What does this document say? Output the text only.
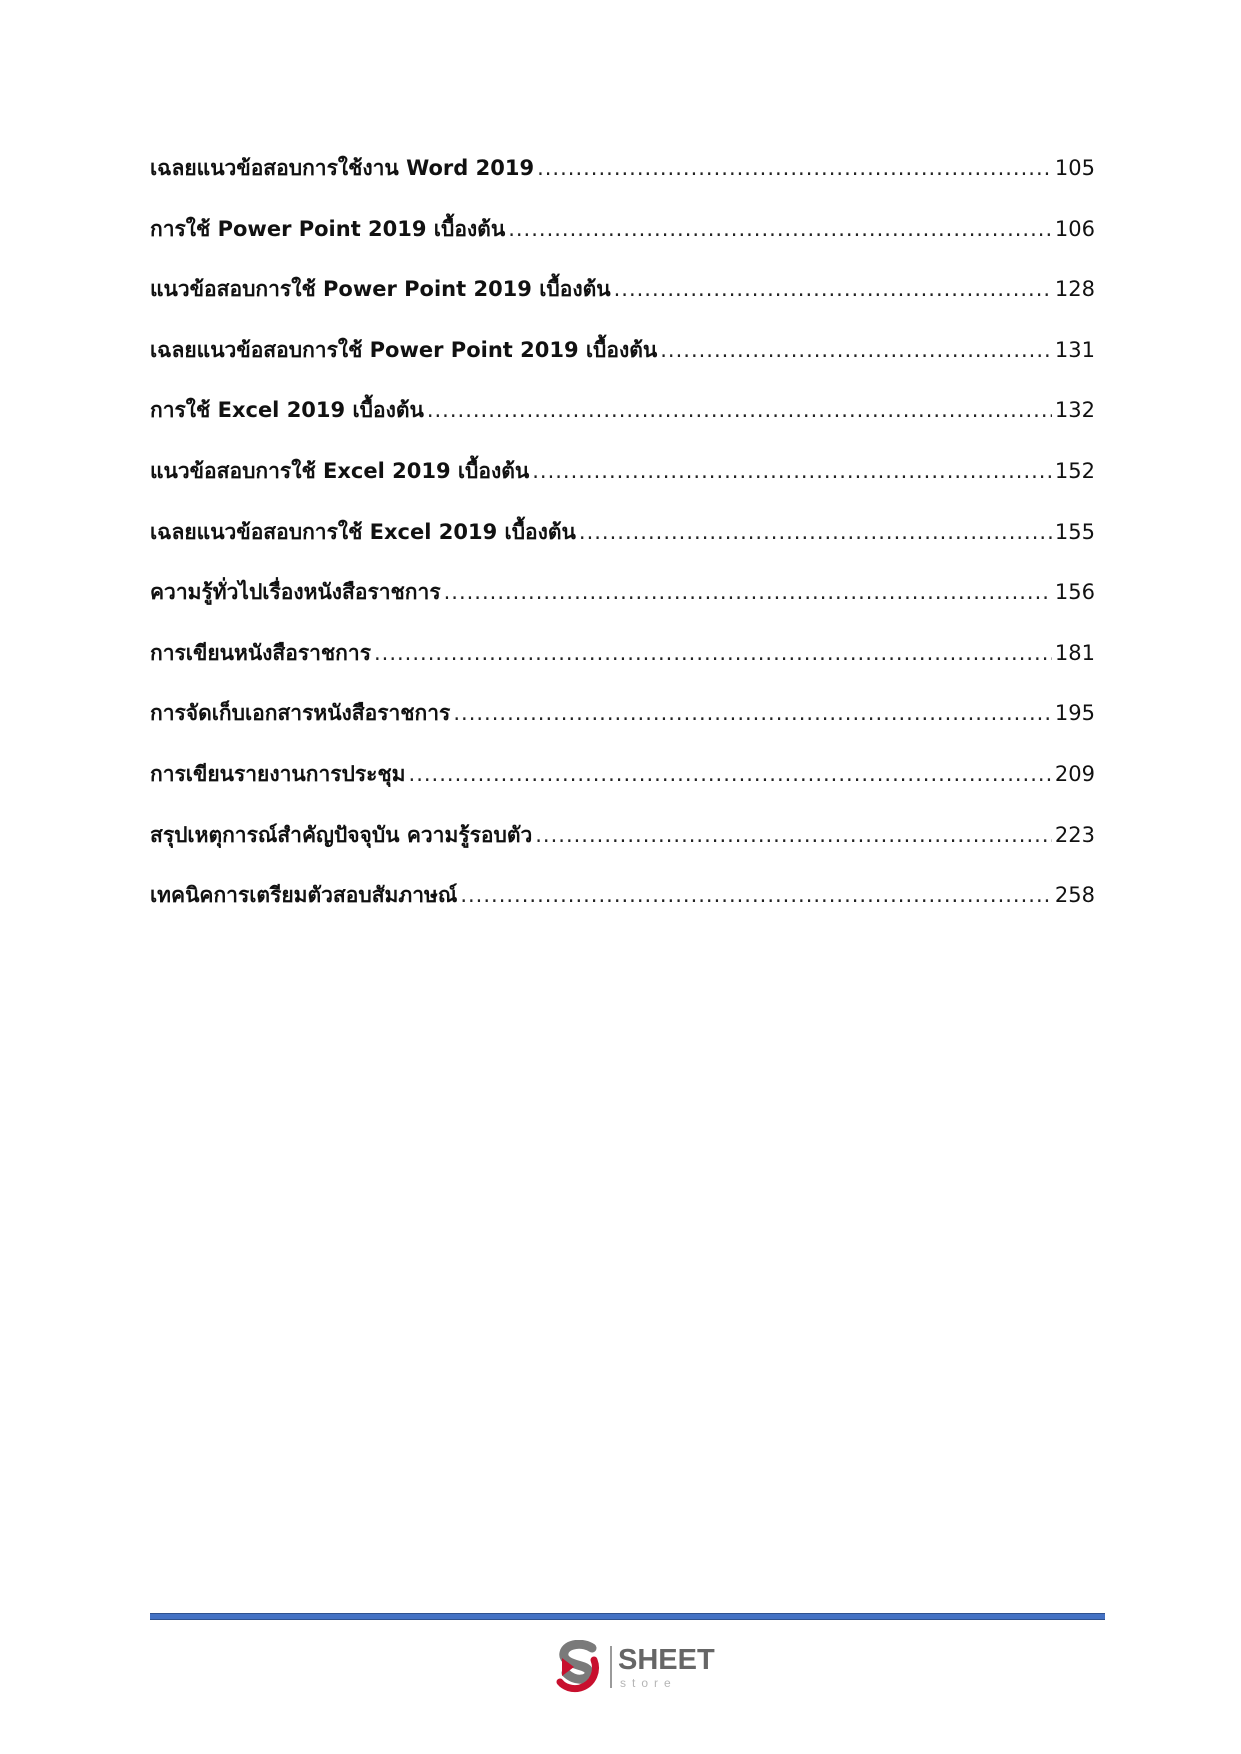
เฉลยแนวข้อสอบการใช้งาน Word 2019 .....	105
การใช้ Power Point 2019 เบื้องต้น .....	106
แนวข้อสอบการใช้ Power Point 2019 เบื้องต้น .....	128
เฉลยแนวข้อสอบการใช้ Power Point 2019 เบื้องต้น .....	131
การใช้ Excel 2019 เบื้องต้น .....	132
แนวข้อสอบการใช้ Excel 2019 เบื้องต้น .....	152
เฉลยแนวข้อสอบการใช้ Excel 2019 เบื้องต้น .....	155
ความรู้ทั่วไปเรื่องหนังสือราชการ .....	156
การเขียนหนังสือราชการ .....	181
การจัดเก็บเอกสารหนังสือราชการ .....	195
การเขียนรายงานการประชุม .....	209
สรุปเหตุการณ์สำคัญปัจจุบัน ความรู้รอบตัว .....	223
เทคนิคการเตรียมตัวสอบสัมภาษณ์ .....	258
SHEET
store
